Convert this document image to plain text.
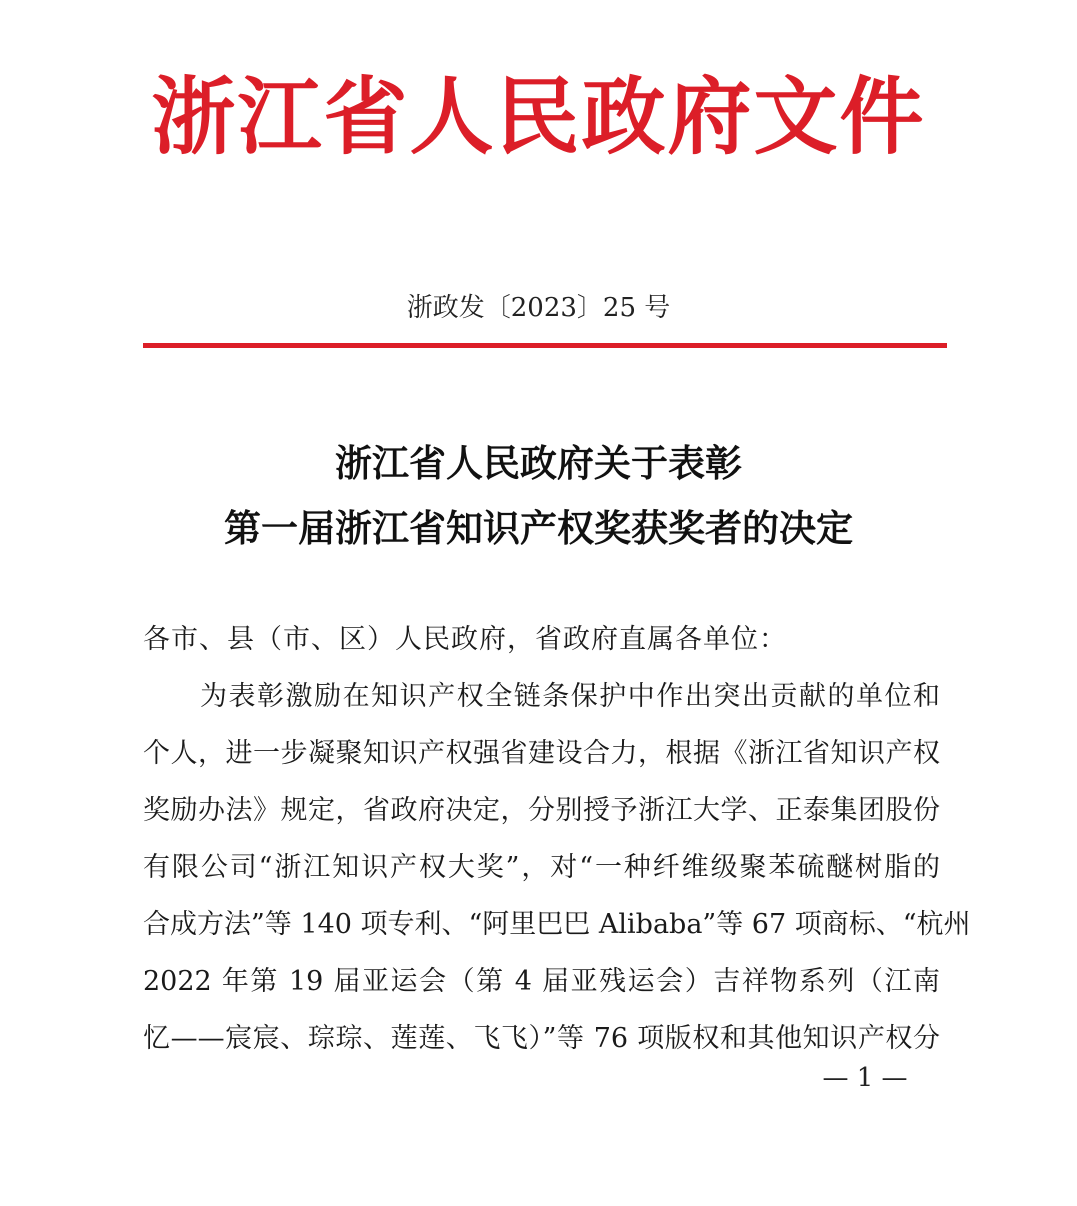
浙江省人民政府文件
浙政发〔2023〕25 号
浙江省人民政府关于表彰
第一届浙江省知识产权奖获奖者的决定
各市、县（市、区）人民政府，省政府直属各单位：
为表彰激励在知识产权全链条保护中作出突出贡献的单位和
个人，进一步凝聚知识产权强省建设合力，根据《浙江省知识产权
奖励办法》规定，省政府决定，分别授予浙江大学、正泰集团股份
有限公司“浙江知识产权大奖”，对“一种纤维级聚苯硫醚树脂的
合成方法”等 140 项专利、“阿里巴巴 Alibaba”等 67 项商标、“杭州
2022 年第 19 届亚运会（第 4 届亚残运会）吉祥物系列（江南
忆——宸宸、琮琮、莲莲、飞飞）”等 76 项版权和其他知识产权分
— 1 —
